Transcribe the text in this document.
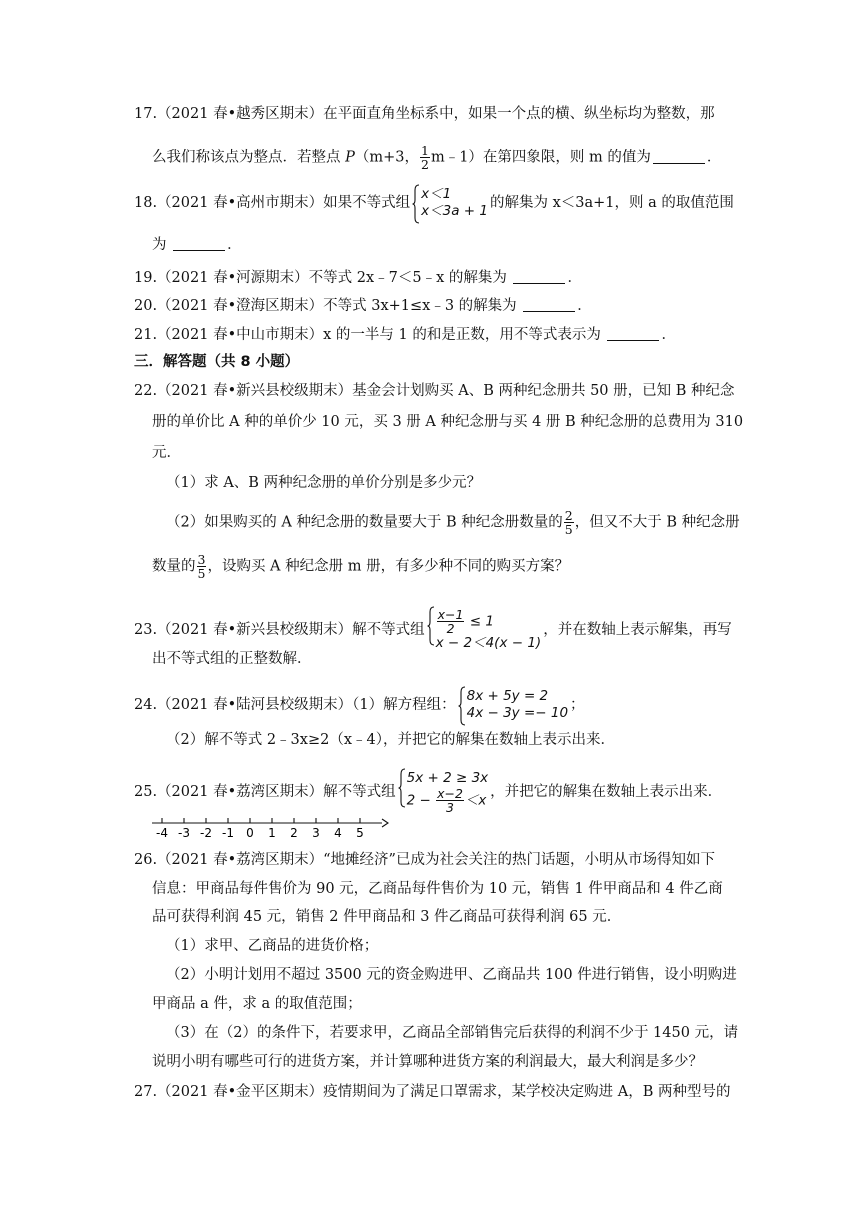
17.（2021 春•越秀区期末）在平面直角坐标系中，如果一个点的横、纵坐标均为整数，那
么我们称该点为整点．若整点 P（m+3， $\frac{1}{2}$ m﹣1）在第四象限，则 m 的值为	．
18.（2021 春•高州市期末）如果不等式组
x＜1
x＜3a + 1 的解集为 x＜3a+1，则 a 的取值范围
为	．
19.（2021 春•河源期末）不等式 2x﹣7＜5﹣x 的解集为	．
20.（2021 春•澄海区期末）不等式 3x+1≤x﹣3 的解集为	．
21.（2021 春•中山市期末）x 的一半与 1 的和是正数，用不等式表示为	．
三．解答题（共 8 小题）
22.（2021 春•新兴县校级期末）基金会计划购买 A、B 两种纪念册共 50 册，已知 B 种纪念
册的单价比 A 种的单价少 10 元，买 3 册 A 种纪念册与买 4 册 B 种纪念册的总费用为 310
元．
（1）求 A、B 两种纪念册的单价分别是多少元？
（2）如果购买的 A 种纪念册的数量要大于 B 种纪念册数量的 $\frac{2}{5}$ ，但又不大于 B 种纪念册
数量的 $\frac{3}{5}$ ，设购买 A 种纪念册 m 册，有多少种不同的购买方案？
23.（2021 春•新兴县校级期末）解不等式组 $\frac{x-1}{2} \le 1$
x − 2＜4(x − 1)
，并在数轴上表示解集，再写
出不等式组的正整数解．
24.（2021 春•陆河县校级期末）（1）解方程组：
8x + 5y = 2
4x − 3y =− 10 ；
（2）解不等式 2﹣3x≥2（x﹣4），并把它的解集在数轴上表示出来．
25.（2021 春•荔湾区期末）解不等式组
5x + 2 ≥ 3x
$2 - \frac{x-2}{3} <x$
，并把它的解集在数轴上表示出来．
-4 -3 -2 -1 0 1 2 3 4 5
26.（2021 春•荔湾区期末）“地摊经济”已成为社会关注的热门话题，小明从市场得知如下
信息：甲商品每件售价为 90 元，乙商品每件售价为 10 元，销售 1 件甲商品和 4 件乙商
品可获得利润 45 元，销售 2 件甲商品和 3 件乙商品可获得利润 65 元．
（1）求甲、乙商品的进货价格；
（2）小明计划用不超过 3500 元的资金购进甲、乙商品共 100 件进行销售，设小明购进
甲商品 a 件，求 a 的取值范围；
（3）在（2）的条件下，若要求甲，乙商品全部销售完后获得的利润不少于 1450 元，请
说明小明有哪些可行的进货方案，并计算哪种进货方案的利润最大，最大利润是多少？
27.（2021 春•金平区期末）疫情期间为了满足口罩需求，某学校决定购进 A，B 两种型号的
